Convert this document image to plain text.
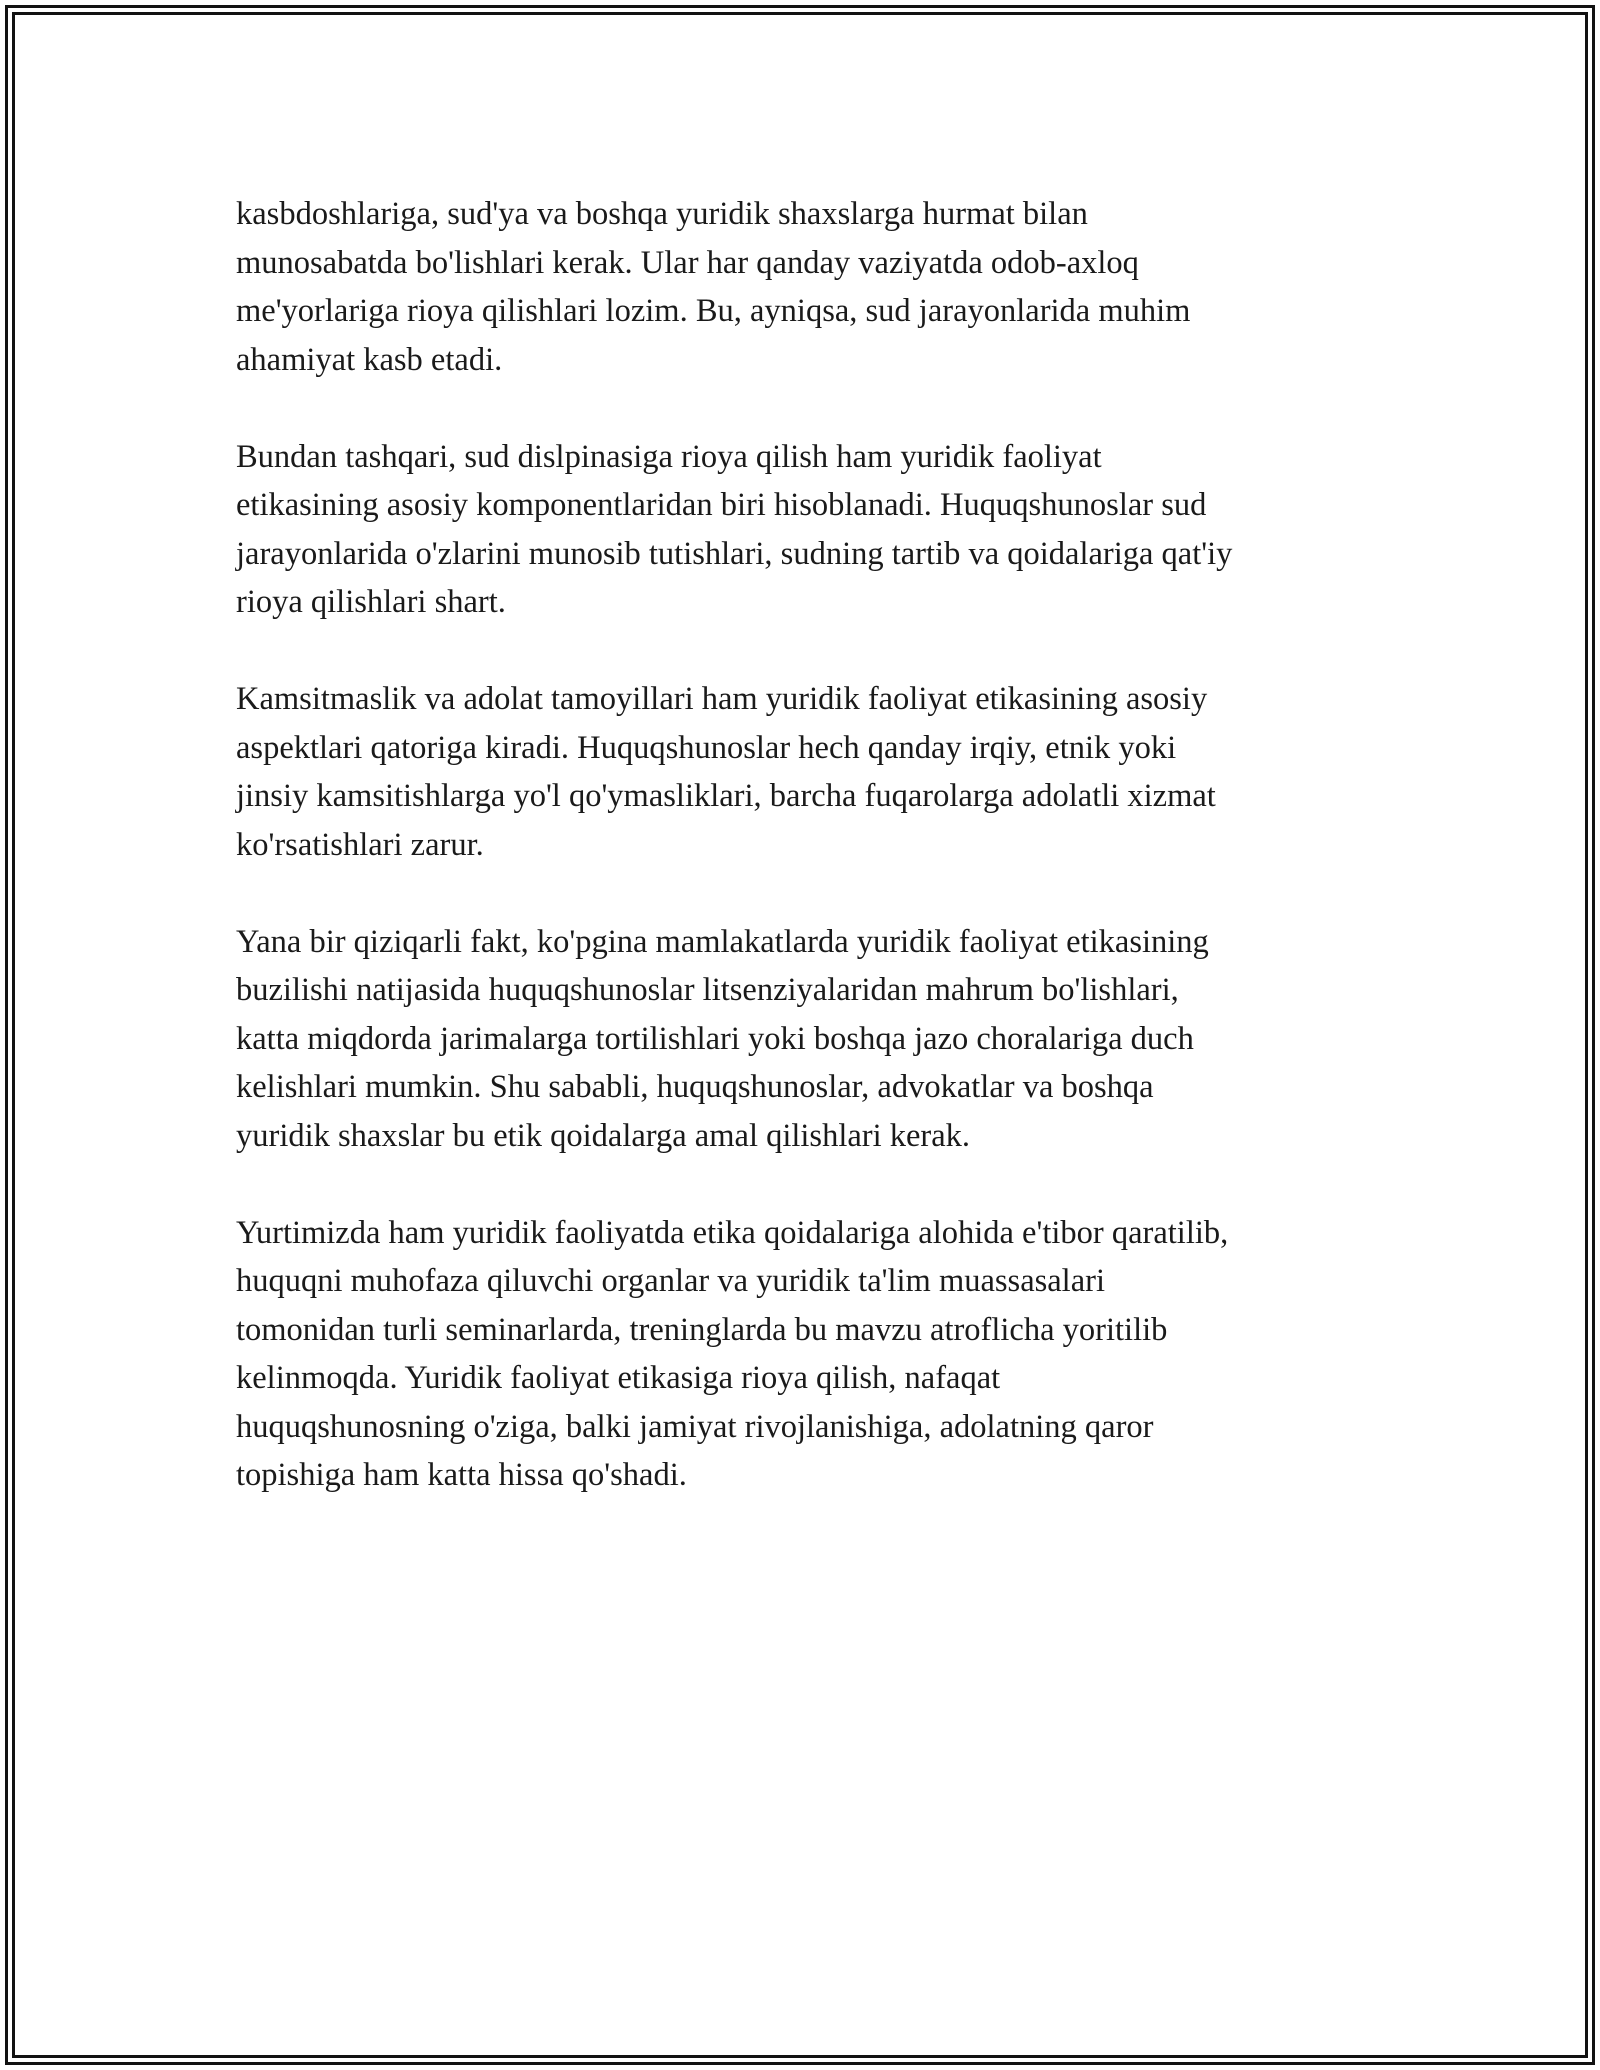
kasbdoshlariga, sud'ya va boshqa yuridik shaxslarga hurmat bilan
munosabatda bo'lishlari kerak. Ular har qanday vaziyatda odob-axloq
me'yorlariga rioya qilishlari lozim. Bu, ayniqsa, sud jarayonlarida muhim
ahamiyat kasb etadi.

Bundan tashqari, sud dislpinasiga rioya qilish ham yuridik faoliyat
etikasining asosiy komponentlaridan biri hisoblanadi. Huquqshunoslar sud
jarayonlarida o'zlarini munosib tutishlari, sudning tartib va qoidalariga qat'iy
rioya qilishlari shart.

Kamsitmaslik va adolat tamoyillari ham yuridik faoliyat etikasining asosiy
aspektlari qatoriga kiradi. Huquqshunoslar hech qanday irqiy, etnik yoki
jinsiy kamsitishlarga yo'l qo'ymasliklari, barcha fuqarolarga adolatli xizmat
ko'rsatishlari zarur.

Yana bir qiziqarli fakt, ko'pgina mamlakatlarda yuridik faoliyat etikasining
buzilishi natijasida huquqshunoslar litsenziyalaridan mahrum bo'lishlari,
katta miqdorda jarimalarga tortilishlari yoki boshqa jazo choralariga duch
kelishlari mumkin. Shu sababli, huquqshunoslar, advokatlar va boshqa
yuridik shaxslar bu etik qoidalarga amal qilishlari kerak.

Yurtimizda ham yuridik faoliyatda etika qoidalariga alohida e'tibor qaratilib,
huquqni muhofaza qiluvchi organlar va yuridik ta'lim muassasalari
tomonidan turli seminarlarda, treninglarda bu mavzu atroflicha yoritilib
kelinmoqda. Yuridik faoliyat etikasiga rioya qilish, nafaqat
huquqshunosning o'ziga, balki jamiyat rivojlanishiga, adolatning qaror
topishiga ham katta hissa qo'shadi.
